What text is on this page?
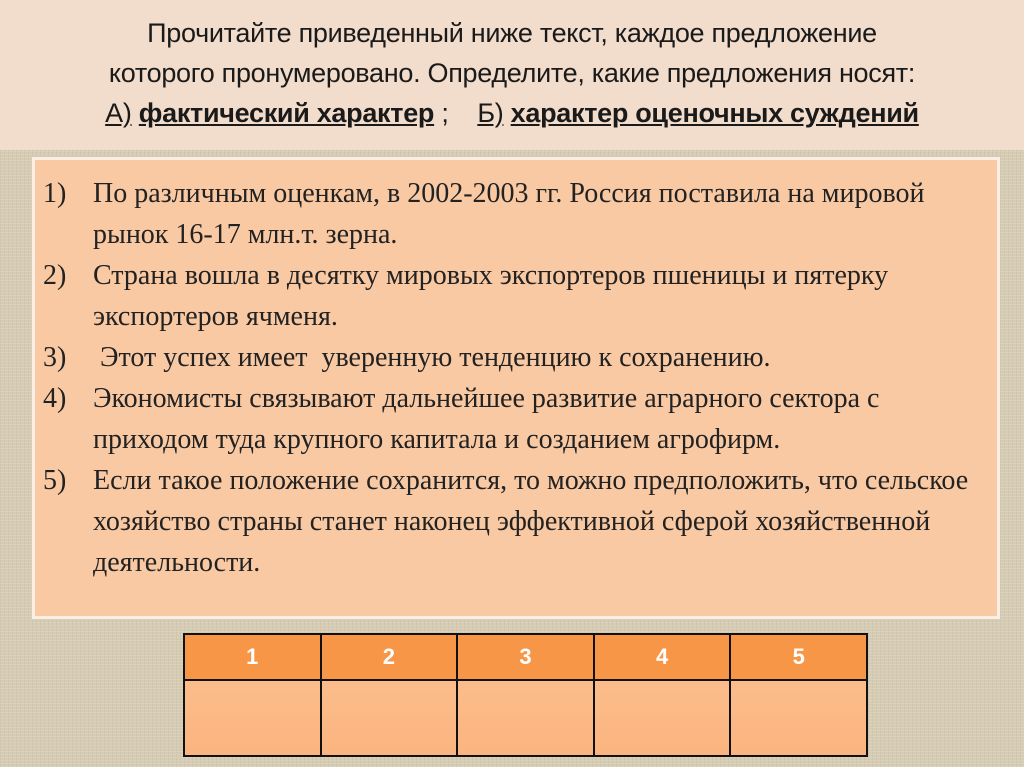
Прочитайте приведенный ниже текст, каждое предложение
которого пронумеровано. Определите, какие предложения носят:
А) фактический характер ; Б) характер оценочных суждений
1) По различным оценкам, в 2002-2003 гг. Россия поставила на мировой рынок 16-17 млн.т. зерна.
2) Страна вошла в десятку мировых экспортеров пшеницы и пятерку экспортеров ячменя.
3) Этот успех имеет  уверенную тенденцию к сохранению.
4) Экономисты связывают дальнейшее развитие аграрного сектора с приходом туда крупного капитала и созданием агрофирм.
5) Если такое положение сохранится, то можно предположить, что сельское хозяйство страны станет наконец эффективной сферой хозяйственной деятельности.
1	2	3	4	5
